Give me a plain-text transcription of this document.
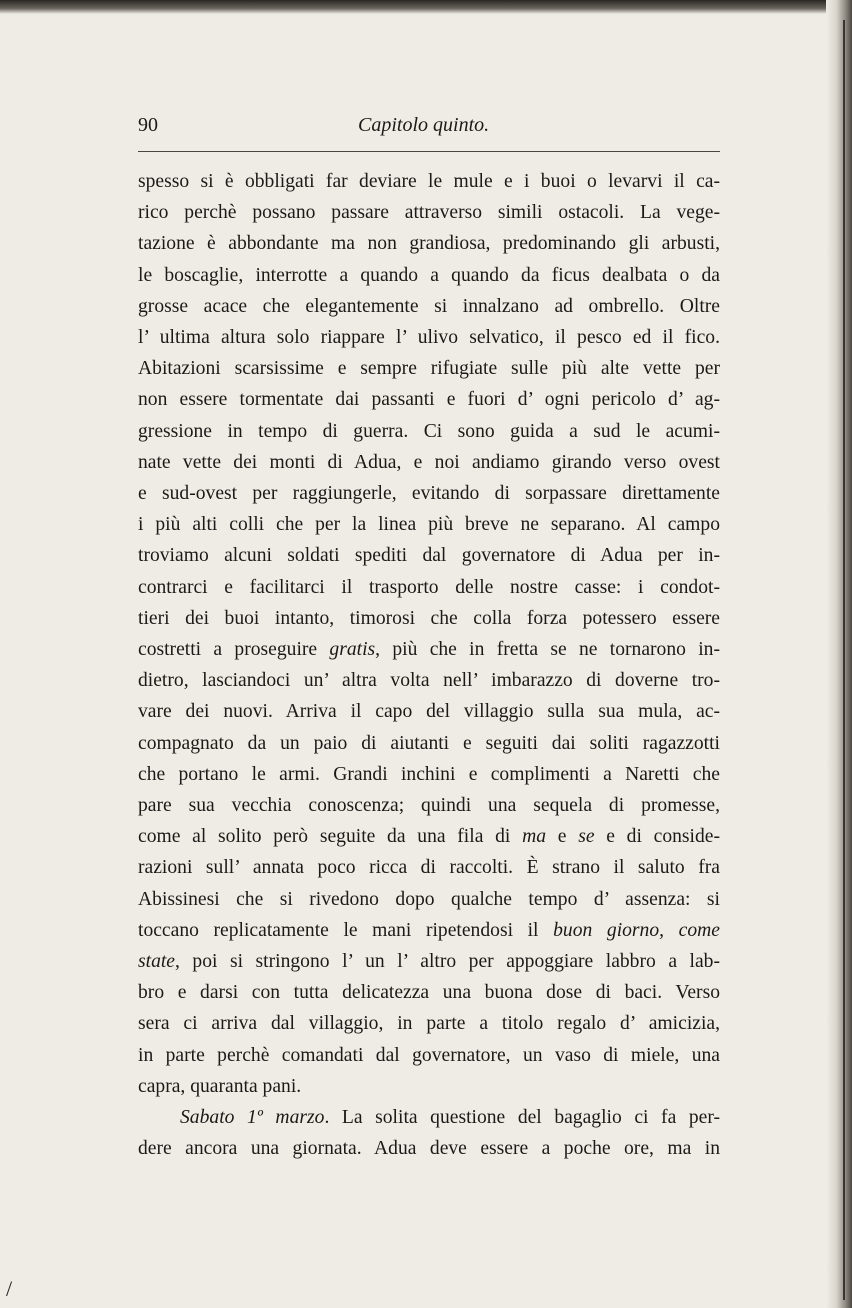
90	Capitolo quinto.
spesso si è obbligati far deviare le mule e i buoi o levarvi il ca-
rico perchè possano passare attraverso simili ostacoli. La vege-
tazione è abbondante ma non grandiosa, predominando gli arbusti,
le boscaglie, interrotte a quando a quando da ficus dealbata o da
grosse acace che elegantemente si innalzano ad ombrello. Oltre
l’ ultima altura solo riappare l’ ulivo selvatico, il pesco ed il fico.
Abitazioni scarsissime e sempre rifugiate sulle più alte vette per
non essere tormentate dai passanti e fuori d’ ogni pericolo d’ ag-
gressione in tempo di guerra. Ci sono guida a sud le acumi-
nate vette dei monti di Adua, e noi andiamo girando verso ovest
e sud-ovest per raggiungerle, evitando di sorpassare direttamente
i più alti colli che per la linea più breve ne separano. Al campo
troviamo alcuni soldati spediti dal governatore di Adua per in-
contrarci e facilitarci il trasporto delle nostre casse: i condot-
tieri dei buoi intanto, timorosi che colla forza potessero essere
costretti a proseguire gratis, più che in fretta se ne tornarono in-
dietro, lasciandoci un’ altra volta nell’ imbarazzo di doverne tro-
vare dei nuovi. Arriva il capo del villaggio sulla sua mula, ac-
compagnato da un paio di aiutanti e seguiti dai soliti ragazzotti
che portano le armi. Grandi inchini e complimenti a Naretti che
pare sua vecchia conoscenza; quindi una sequela di promesse,
come al solito però seguite da una fila di ma e se e di conside-
razioni sull’ annata poco ricca di raccolti. È strano il saluto fra
Abissinesi che si rivedono dopo qualche tempo d’ assenza: si
toccano replicatamente le mani ripetendosi il buon giorno, come
state, poi si stringono l’ un l’ altro per appoggiare labbro a lab-
bro e darsi con tutta delicatezza una buona dose di baci. Verso
sera ci arriva dal villaggio, in parte a titolo regalo d’ amicizia,
in parte perchè comandati dal governatore, un vaso di miele, una
capra, quaranta pani.
Sabato 1º marzo. La solita questione del bagaglio ci fa per-
dere ancora una giornata. Adua deve essere a poche ore, ma in
/
